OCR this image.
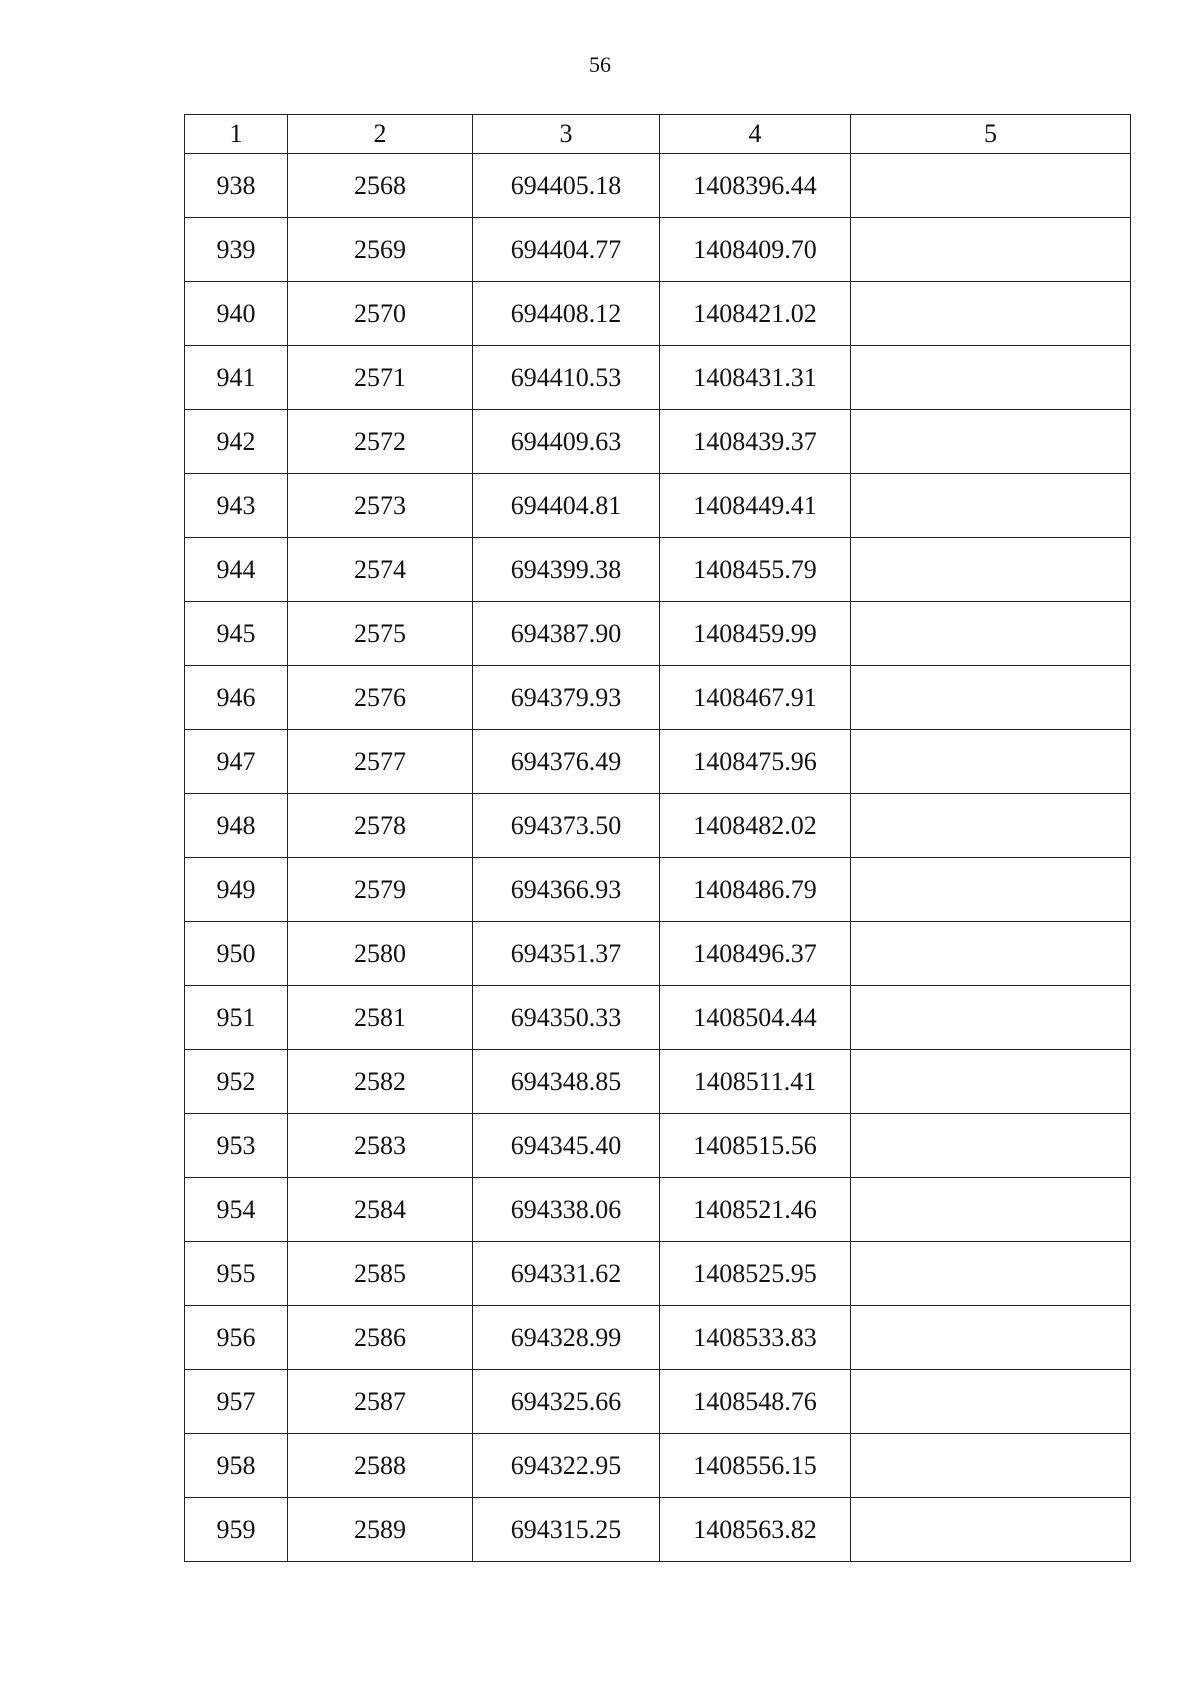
56
1	2	3	4	5
938	2568	694405.18	1408396.44	
939	2569	694404.77	1408409.70	
940	2570	694408.12	1408421.02	
941	2571	694410.53	1408431.31	
942	2572	694409.63	1408439.37	
943	2573	694404.81	1408449.41	
944	2574	694399.38	1408455.79	
945	2575	694387.90	1408459.99	
946	2576	694379.93	1408467.91	
947	2577	694376.49	1408475.96	
948	2578	694373.50	1408482.02	
949	2579	694366.93	1408486.79	
950	2580	694351.37	1408496.37	
951	2581	694350.33	1408504.44	
952	2582	694348.85	1408511.41	
953	2583	694345.40	1408515.56	
954	2584	694338.06	1408521.46	
955	2585	694331.62	1408525.95	
956	2586	694328.99	1408533.83	
957	2587	694325.66	1408548.76	
958	2588	694322.95	1408556.15	
959	2589	694315.25	1408563.82	
